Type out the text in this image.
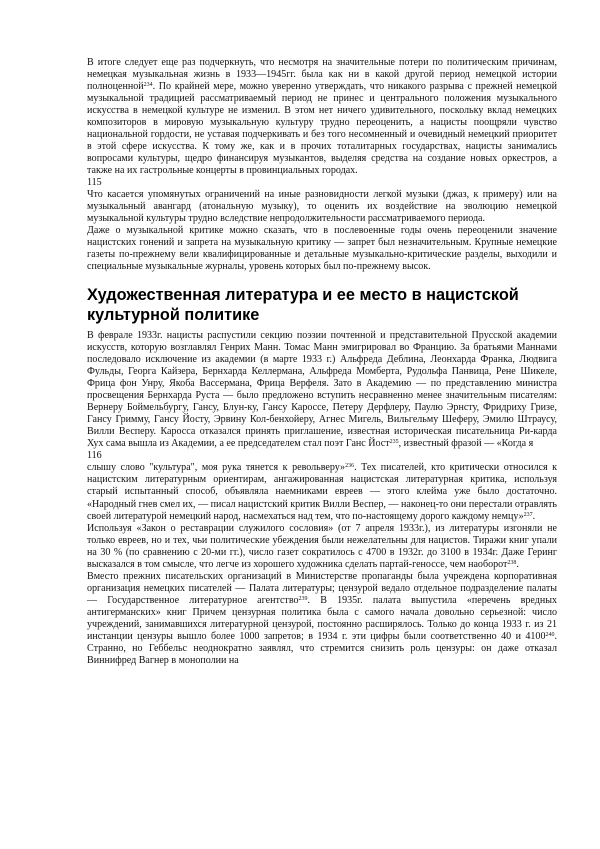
В итоге следует еще раз подчеркнуть, что несмотря на значительные потери по политическим причинам, немецкая музыкальная жизнь в 1933—1945гг. была как ни в какой другой период немецкой истории полноценной$^{234}$. По крайней мере, можно уверенно утверждать, что никакого разрыва с прежней немецкой музыкальной традицией рассматриваемый период не принес и центрального положения музыкального искусства в немецкой культуре не изменил. В этом нет ничего удивительного, поскольку вклад немецких композиторов в мировую музыкальную культуру трудно переоценить, а нацисты поощряли чувство национальной гордости, не уставая подчеркивать и без того несомненный и очевидный немецкий приоритет в этой сфере искусства. К тому же, как и в прочих тоталитарных государствах, нацисты занимались вопросами культуры, щедро финансируя музыкантов, выделяя средства на создание новых оркестров, а также на их гастрольные концерты в провинциальных городах.

115

Что касается упомянутых ограничений на иные разновидности легкой музыки (джаз, к примеру) или на музыкальный авангард (атональную музыку), то оценить их воздействие на эволюцию немецкой музыкальной культуры трудно вследствие непродолжительности рассматриваемого периода.

Даже о музыкальной критике можно сказать, что в послевоенные годы очень переоценили значение нацистских гонений и запрета на музыкальную критику — запрет был незначительным. Крупные немецкие газеты по-прежнему вели квалифицированные и детальные музыкально-критические разделы, выходили и специальные музыкальные журналы, уровень которых был по-прежнему высок.

Художественная литература и ее место в нацистской культурной политике

В феврале 1933г. нацисты распустили секцию поэзии почтенной и представительной Прусской академии искусств, которую возглавлял Генрих Манн. Томас Манн эмигрировал во Францию. За братьями Маннами последовало исключение из академии (в марте 1933 г.) Альфреда Деблина, Леонхарда Франка, Людвига Фульды, Георга Кайзера, Бернхарда Келлермана, Альфреда Момберта, Рудольфа Панвица, Рене Шикеле, Фрица фон Унру, Якоба Вассермана, Фрица Верфеля. Зато в Академию — по представлению министра просвещения Бернхарда Руста — было предложено вступить несравненно менее значительным писателям: Вернеру Боймельбургу, Гансу, Блун-ку, Гансу Кароссе, Петеру Дерфлеру, Паулю Эрнсту, Фридриху Гризе, Гансу Гримму, Гансу Йосту, Эрвину Кол-бенхойеру, Агнес Мигель, Вильгельму Шеферу, Эмилю Штраусу, Вилли Весперу. Каросса отказался принять приглашение, известная историческая писательница Ри-карда Хух сама вышла из Академии, а ее председателем стал поэт Ганс Йост$^{235}$, известный фразой — «Когда я

116

слышу слово "культура", моя рука тянется к револьверу»$^{236}$. Тех писателей, кто критически относился к нацистским литературным ориентирам, ангажированная нацистская литературная критика, используя старый испытанный способ, объявляла наемниками евреев — этого клейма уже было достаточно. «Народный гнев смел их, — писал нацистский критик Вилли Веспер, — наконец-то они перестали отравлять своей литературой немецкий народ, насмехаться над тем, что по-настоящему дорого каждому немцу»$^{237}$.

Используя «Закон о реставрации служилого сословия» (от 7 апреля 1933г.), из литературы изгоняли не только евреев, но и тех, чьи политические убеждения были нежелательны для нацистов. Тиражи книг упали на 30 % (по сравнению с 20-ми гг.), число газет сократилось с 4700 в 1932г. до 3100 в 1934г. Даже Геринг высказался в том смысле, что легче из хорошего художника сделать партай-геноссе, чем наоборот$^{238}$.

Вместо прежних писательских организаций в Министерстве пропаганды была учреждена корпоративная организация немецких писателей — Палата литературы; цензурой ведало отдельное подразделение палаты — Государственное литературное агентство$^{239}$. В 1935г. палата выпустила «перечень вредных антигерманских» книг Причем цензурная политика была с самого начала довольно серьезной: число учреждений, занимавшихся литературной цензурой, постоянно расширялось. Только до конца 1933 г. из 21 инстанции цензуры вышло более 1000 запретов; в 1934 г. эти цифры были соответственно 40 и 4100$^{240}$. Странно, но Геббельс неоднократно заявлял, что стремится снизить роль цензуры: он даже отказал Виннифред Вагнер в монополии на
